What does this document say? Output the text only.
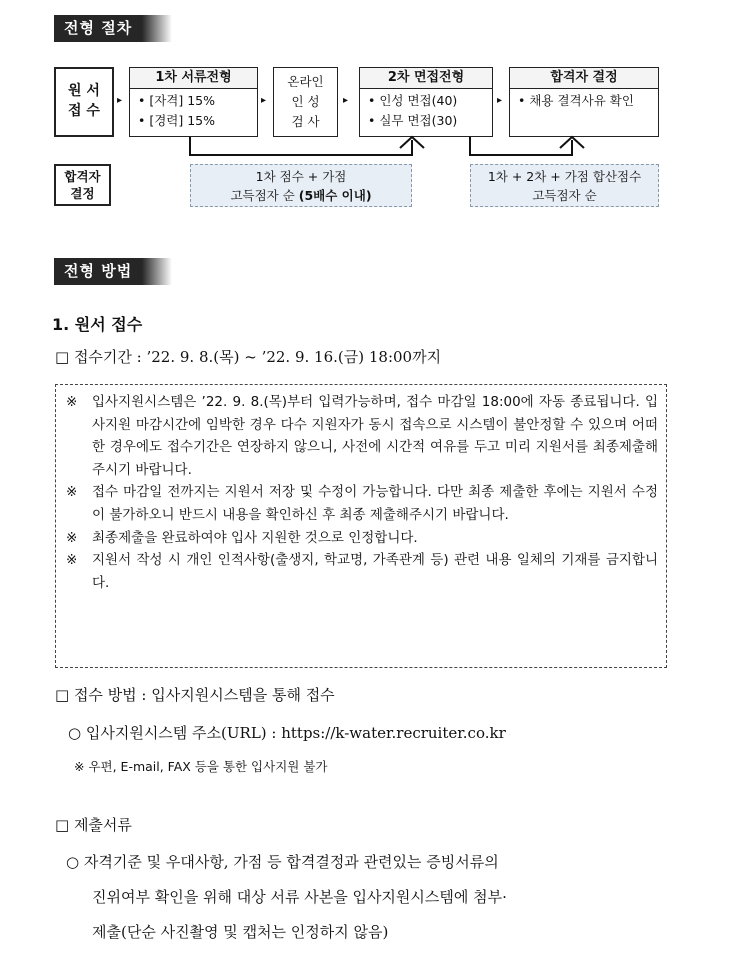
전형 절차
원 서
접 수
▸
1차 서류전형
• [자격] 15%
• [경력] 15%
▸
온라인
인 성
검 사
▸
2차 면접전형
• 인성 면접(40)
• 실무 면접(30)
▸
합격자 결정
• 채용 결격사유 확인
합격자
결정
1차 점수 + 가점
고득점자 순 (5배수 이내)
1차 + 2차 + 가점 합산점수
고득점자 순
전형 방법
1. 원서 접수
□ 접수기간 : ’22. 9. 8.(목) ~ ’22. 9. 16.(금) 18:00까지
※ 입사지원시스템은 ’22. 9. 8.(목)부터 입력가능하며, 접수 마감일 18:00에 자동 종료됩니다. 입사지원 마감시간에 임박한 경우 다수 지원자가 동시 접속으로 시스템이 불안정할 수 있으며 어떠한 경우에도 접수기간은 연장하지 않으니, 사전에 시간적 여유를 두고 미리 지원서를 최종제출해 주시기 바랍니다.
※ 접수 마감일 전까지는 지원서 저장 및 수정이 가능합니다. 다만 최종 제출한 후에는 지원서 수정이 불가하오니 반드시 내용을 확인하신 후 최종 제출해주시기 바랍니다.
※ 최종제출을 완료하여야 입사 지원한 것으로 인정합니다.
※ 지원서 작성 시 개인 인적사항(출생지, 학교명, 가족관계 등) 관련 내용 일체의 기재를 금지합니다.
□ 접수 방법 : 입사지원시스템을 통해 접수
○ 입사지원시스템 주소(URL) : https://k-water.recruiter.co.kr
※ 우편, E-mail, FAX 등을 통한 입사지원 불가
□ 제출서류
○ 자격기준 및 우대사항, 가점 등 합격결정과 관련있는 증빙서류의
진위여부 확인을 위해 대상 서류 사본을 입사지원시스템에 첨부·
제출(단순 사진촬영 및 캡처는 인정하지 않음)
